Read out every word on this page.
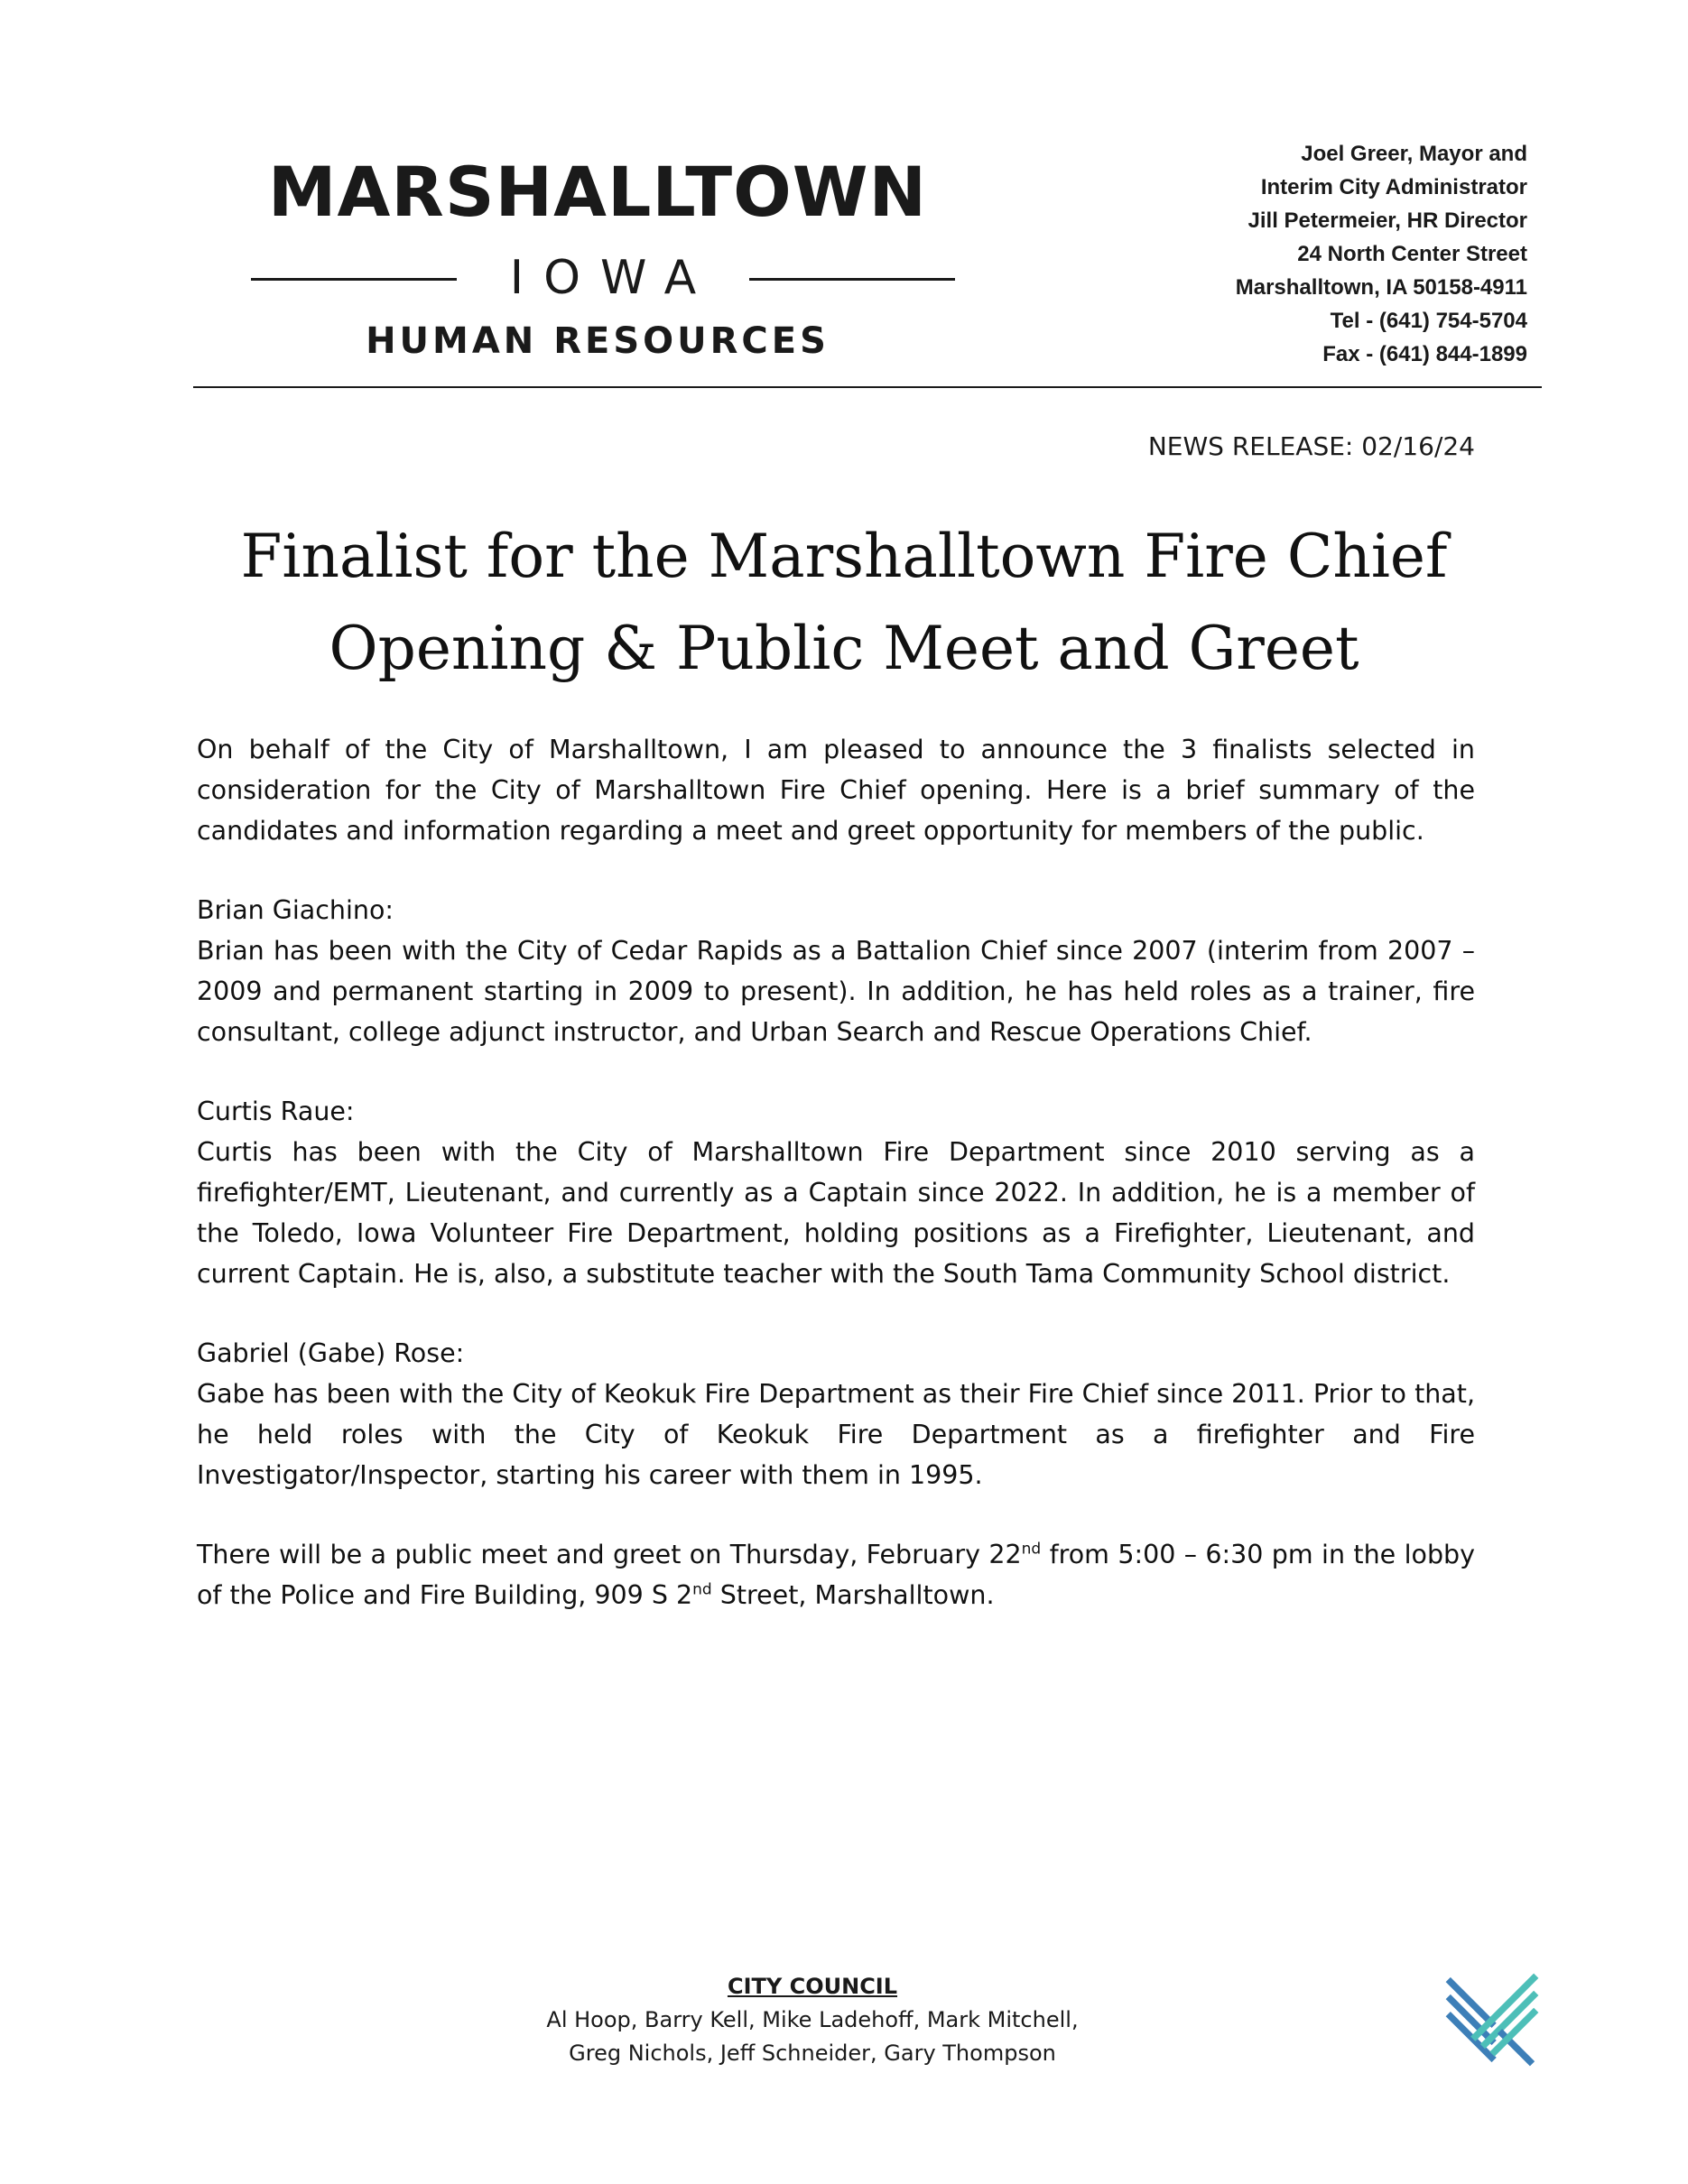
MARSHALLTOWN
IOWA
HUMAN RESOURCES
Joel Greer, Mayor and
Interim City Administrator
Jill Petermeier, HR Director
24 North Center Street
Marshalltown, IA 50158-4911
Tel - (641) 754-5704
Fax - (641) 844-1899
NEWS RELEASE: 02/16/24
Finalist for the Marshalltown Fire Chief
Opening & Public Meet and Greet

On behalf of the City of Marshalltown, I am pleased to announce the 3 finalists selected in consideration for the City of Marshalltown Fire Chief opening. Here is a brief summary of the candidates and information regarding a meet and greet opportunity for members of the public.

Brian Giachino:

Brian has been with the City of Cedar Rapids as a Battalion Chief since 2007 (interim from 2007 – 2009 and permanent starting in 2009 to present). In addition, he has held roles as a trainer, fire consultant, college adjunct instructor, and Urban Search and Rescue Operations Chief.

Curtis Raue:

Curtis has been with the City of Marshalltown Fire Department since 2010 serving as a firefighter/EMT, Lieutenant, and currently as a Captain since 2022. In addition, he is a member of the Toledo, Iowa Volunteer Fire Department, holding positions as a Firefighter, Lieutenant, and current Captain. He is, also, a substitute teacher with the South Tama Community School district.

Gabriel (Gabe) Rose:

Gabe has been with the City of Keokuk Fire Department as their Fire Chief since 2011. Prior to that, he held roles with the City of Keokuk Fire Department as a firefighter and Fire Investigator/Inspector, starting his career with them in 1995.

There will be a public meet and greet on Thursday, February 22nd from 5:00 – 6:30 pm in the lobby of the Police and Fire Building, 909 S 2nd Street, Marshalltown.

CITY COUNCIL
Al Hoop, Barry Kell, Mike Ladehoff, Mark Mitchell,
Greg Nichols, Jeff Schneider, Gary Thompson
